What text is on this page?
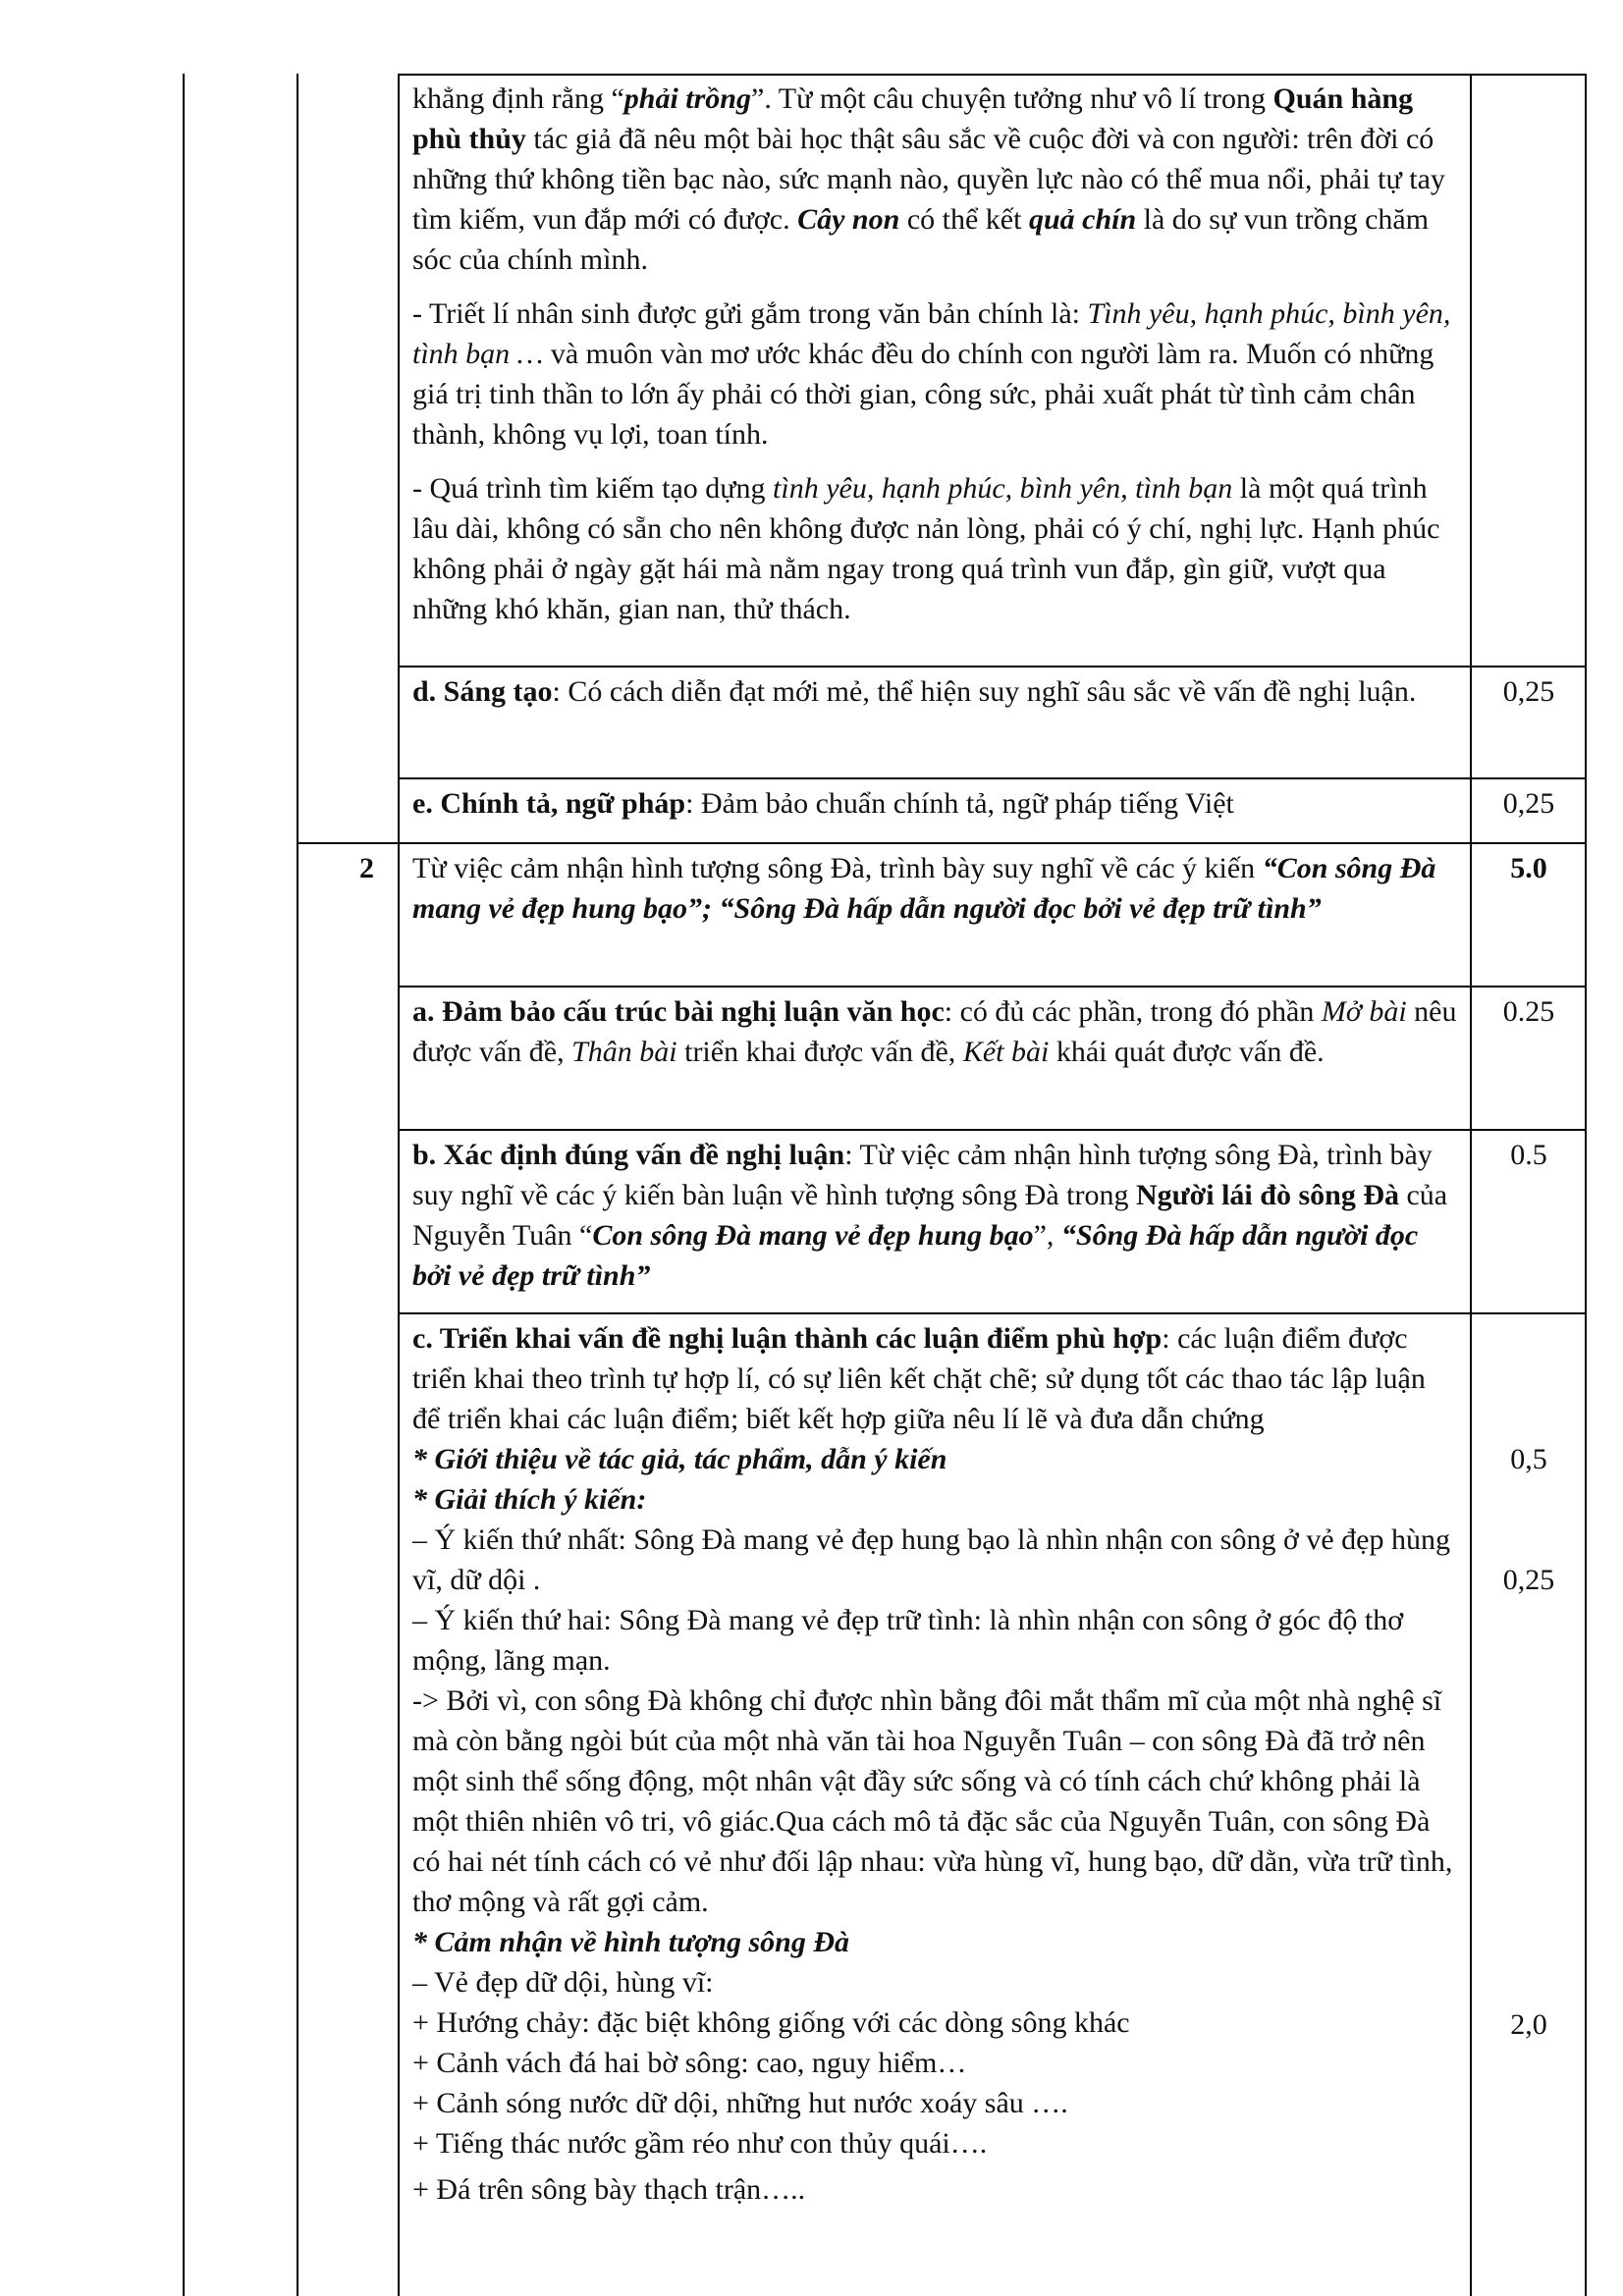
khẳng định rằng “phải trồng”. Từ một câu chuyện tưởng như vô lí trong Quán hàng phù thủy tác giả đã nêu một bài học thật sâu sắc về cuộc đời và con người: trên đời có những thứ không tiền bạc nào, sức mạnh nào, quyền lực nào có thể mua nổi, phải tự tay tìm kiếm, vun đắp mới có được. Cây non có thể kết quả chín là do sự vun trồng chăm sóc của chính mình.

- Triết lí nhân sinh được gửi gắm trong văn bản chính là: Tình yêu, hạnh phúc, bình yên, tình bạn … và muôn vàn mơ ước khác đều do chính con người làm ra. Muốn có những giá trị tinh thần to lớn ấy phải có thời gian, công sức, phải xuất phát từ tình cảm chân thành, không vụ lợi, toan tính.

- Quá trình tìm kiếm tạo dựng tình yêu, hạnh phúc, bình yên, tình bạn là một quá trình lâu dài, không có sẵn cho nên không được nản lòng, phải có ý chí, nghị lực. Hạnh phúc không phải ở ngày gặt hái mà nằm ngay trong quá trình vun đắp, gìn giữ, vượt qua những khó khăn, gian nan, thử thách.

d. Sáng tạo: Có cách diễn đạt mới mẻ, thể hiện suy nghĩ sâu sắc về vấn đề nghị luận.	0,25
e. Chính tả, ngữ pháp: Đảm bảo chuẩn chính tả, ngữ pháp tiếng Việt	0,25
2 Từ việc cảm nhận hình tượng sông Đà, trình bày suy nghĩ về các ý kiến “Con sông Đà mang vẻ đẹp hung bạo”; “Sông Đà hấp dẫn người đọc bởi vẻ đẹp trữ tình”
5.0
a. Đảm bảo cấu trúc bài nghị luận văn học: có đủ các phần, trong đó phần Mở bài nêu được vấn đề, Thân bài triển khai được vấn đề, Kết bài khái quát được vấn đề.
0.25
b. Xác định đúng vấn đề nghị luận: Từ việc cảm nhận hình tượng sông Đà, trình bày suy nghĩ về các ý kiến bàn luận về hình tượng sông Đà trong Người lái đò sông Đà của Nguyễn Tuân “Con sông Đà mang vẻ đẹp hung bạo”, “Sông Đà hấp dẫn người đọc bởi vẻ đẹp trữ tình”
0.5
c. Triển khai vấn đề nghị luận thành các luận điểm phù hợp: các luận điểm được triển khai theo trình tự hợp lí, có sự liên kết chặt chẽ; sử dụng tốt các thao tác lập luận để triển khai các luận điểm; biết kết hợp giữa nêu lí lẽ và đưa dẫn chứng
* Giới thiệu về tác giả, tác phẩm, dẫn ý kiến
* Giải thích ý kiến:
– Ý kiến thứ nhất: Sông Đà mang vẻ đẹp hung bạo là nhìn nhận con sông ở vẻ đẹp hùng vĩ, dữ dội .
– Ý kiến thứ hai: Sông Đà mang vẻ đẹp trữ tình: là nhìn nhận con sông ở góc độ thơ mộng, lãng mạn.
-> Bởi vì, con sông Đà không chỉ được nhìn bằng đôi mắt thẩm mĩ của một nhà nghệ sĩ mà còn bằng ngòi bút của một nhà văn tài hoa Nguyễn Tuân – con sông Đà đã trở nên một sinh thể sống động, một nhân vật đầy sức sống và có tính cách chứ không phải là một thiên nhiên vô tri, vô giác.Qua cách mô tả đặc sắc của Nguyễn Tuân, con sông Đà có hai nét tính cách có vẻ như đối lập nhau: vừa hùng vĩ, hung bạo, dữ dằn, vừa trữ tình, thơ mộng và rất gợi cảm.
* Cảm nhận về hình tượng sông Đà
– Vẻ đẹp dữ dội, hùng vĩ:
+ Hướng chảy: đặc biệt không giống với các dòng sông khác
+ Cảnh vách đá hai bờ sông: cao, nguy hiểm…
+ Cảnh sóng nước dữ dội, những hut nước xoáy sâu ….
+ Tiếng thác nước gầm réo như con thủy quái….
+ Đá trên sông bày thạch trận…..
0,5
0,25
2,0
